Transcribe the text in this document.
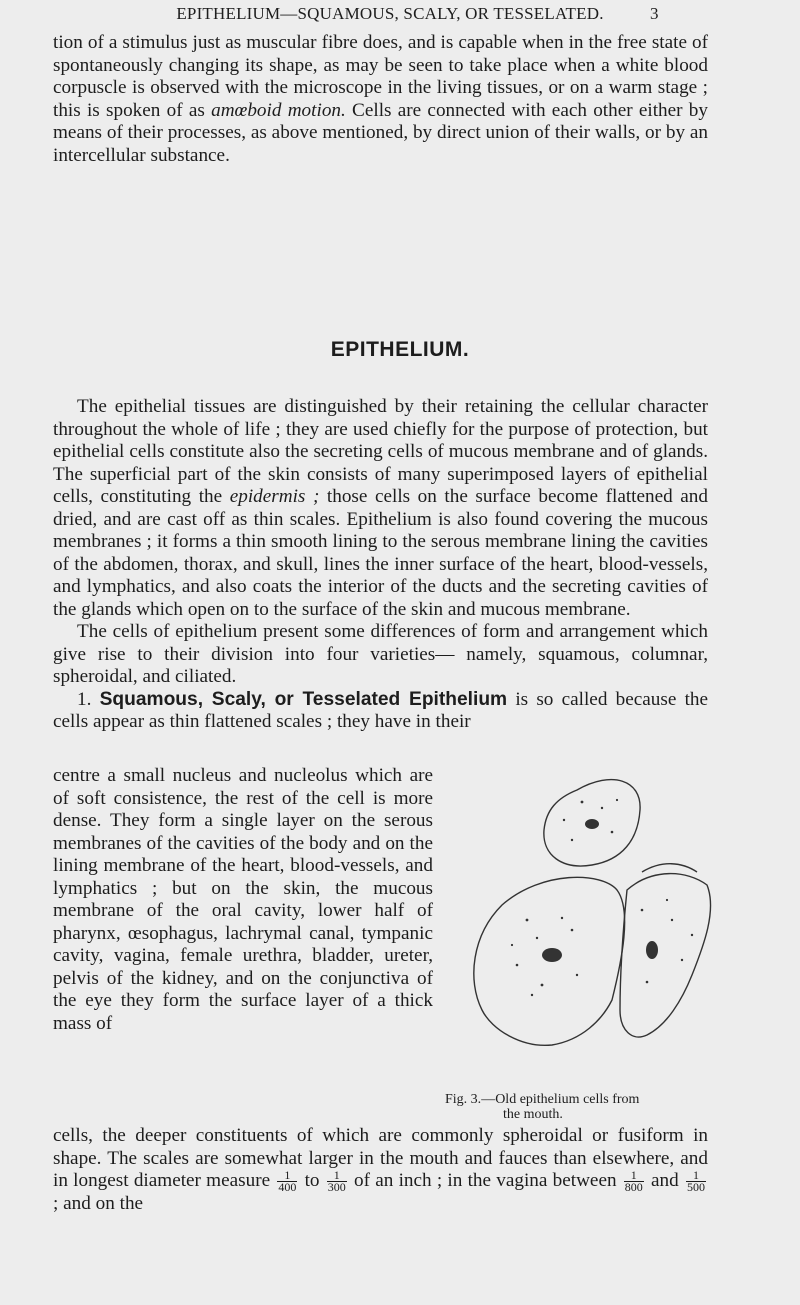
EPITHELIUM—SQUAMOUS, SCALY, OR TESSELATED.	3

tion of a stimulus just as muscular fibre does, and is capable when in the free state of spontaneously changing its shape, as may be seen to take place when a white blood corpuscle is observed with the microscope in the living tissues, or on a warm stage ; this is spoken of as amœboid motion. Cells are connected with each other either by means of their processes, as above mentioned, by direct union of their walls, or by an intercellular substance.

EPITHELIUM.

The epithelial tissues are distinguished by their retaining the cellular character throughout the whole of life ; they are used chiefly for the purpose of protection, but epithelial cells constitute also the secreting cells of mucous membrane and of glands. The superficial part of the skin consists of many superimposed layers of epithelial cells, constituting the epidermis ; those cells on the surface become flattened and dried, and are cast off as thin scales. Epithelium is also found covering the mucous membranes ; it forms a thin smooth lining to the serous membrane lining the cavities of the abdomen, thorax, and skull, lines the inner surface of the heart, blood-vessels, and lymphatics, and also coats the interior of the ducts and the secreting cavities of the glands which open on to the surface of the skin and mucous membrane.

The cells of epithelium present some differences of form and arrangement which give rise to their division into four varieties— namely, squamous, columnar, spheroidal, and ciliated.

1. Squamous, Scaly, or Tesselated Epithelium is so called because the cells appear as thin flattened scales ; they have in their

centre a small nucleus and nucleolus which are of soft consistence, the rest of the cell is more dense. They form a single layer on the serous membranes of the cavities of the body and on the lining membrane of the heart, blood-vessels, and lymphatics ; but on the skin, the mucous membrane of the oral cavity, lower half of pharynx, œsophagus, lachrymal canal, tympanic cavity, vagina, female urethra, bladder, ureter, pelvis of the kidney, and on the conjunctiva of the eye they form the surface layer of a thick mass of
Fig. 3.—Old epithelium cells from
the mouth.

cells, the deeper constituents of which are commonly spheroidal or fusiform in shape. The scales are somewhat larger in the mouth and fauces than elsewhere, and in longest diameter measure $\frac{1}{400}$ to $\frac{1}{300}$ of an inch ; in the vagina between $\frac{1}{800}$ and $\frac{1}{500}$
; and on the
